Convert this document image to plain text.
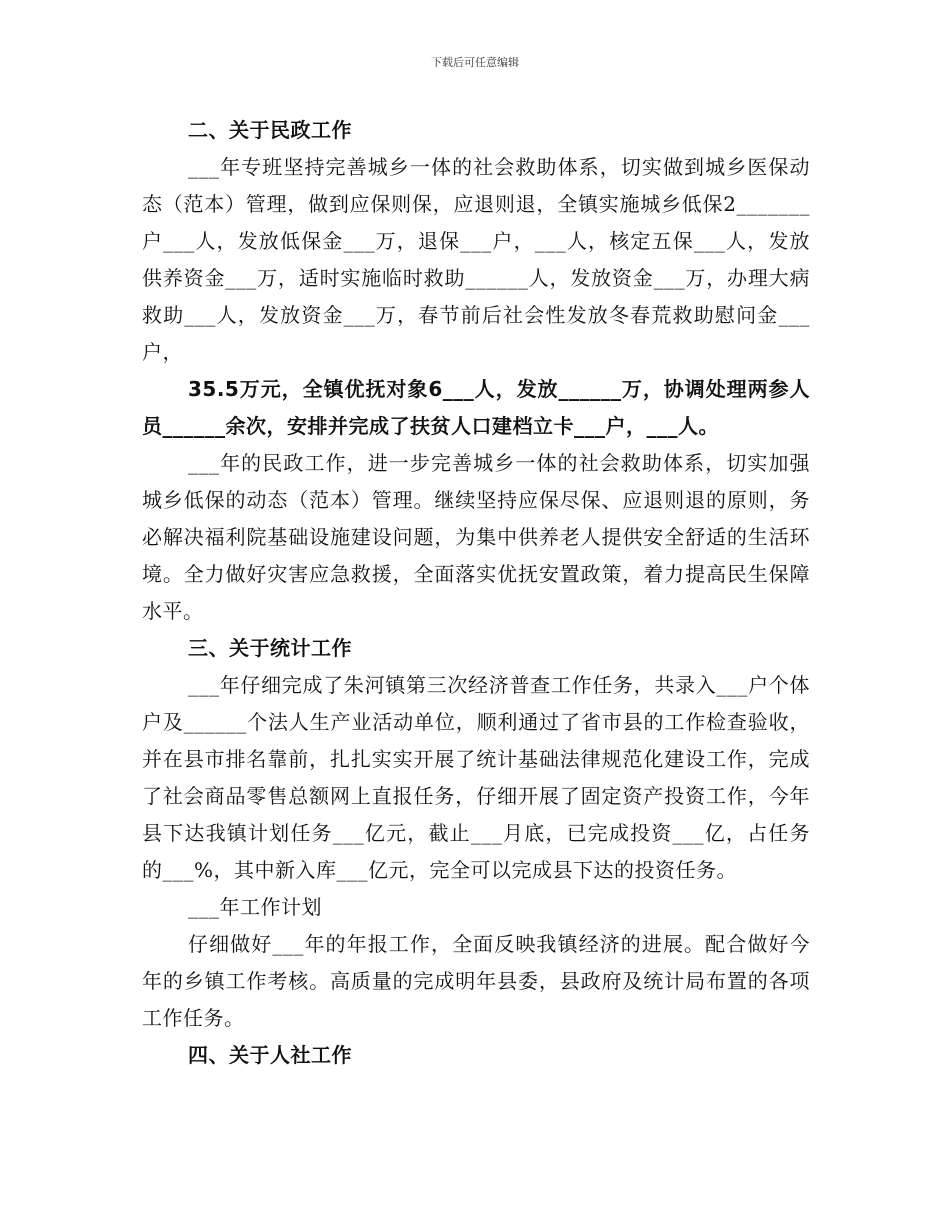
下载后可任意编辑
二、关于民政工作

___年专班坚持完善城乡一体的社会救助体系，切实做到城乡医保动态（范本）管理，做到应保则保，应退则退，全镇实施城乡低保2_______户___人，发放低保金___万，退保___户，___人，核定五保___人，发放供养资金___万，适时实施临时救助______人，发放资金___万，办理大病救助___人，发放资金___万，春节前后社会性发放冬春荒救助慰问金___户，

35.5万元，全镇优抚对象6___人，发放______万，协调处理两参人员______余次，安排并完成了扶贫人口建档立卡___户，___人。

___年的民政工作，进一步完善城乡一体的社会救助体系，切实加强城乡低保的动态（范本）管理。继续坚持应保尽保、应退则退的原则，务必解决福利院基础设施建设问题，为集中供养老人提供安全舒适的生活环境。全力做好灾害应急救援，全面落实优抚安置政策，着力提高民生保障水平。

三、关于统计工作

___年仔细完成了朱河镇第三次经济普查工作任务，共录入___户个体户及______个法人生产业活动单位，顺利通过了省市县的工作检查验收，并在县市排名靠前，扎扎实实开展了统计基础法律规范化建设工作，完成了社会商品零售总额网上直报任务，仔细开展了固定资产投资工作，今年县下达我镇计划任务___亿元，截止___月底，已完成投资___亿，占任务的___%，其中新入库___亿元，完全可以完成县下达的投资任务。

___年工作计划

仔细做好___年的年报工作，全面反映我镇经济的进展。配合做好今年的乡镇工作考核。高质量的完成明年县委，县政府及统计局布置的各项工作任务。

四、关于人社工作
